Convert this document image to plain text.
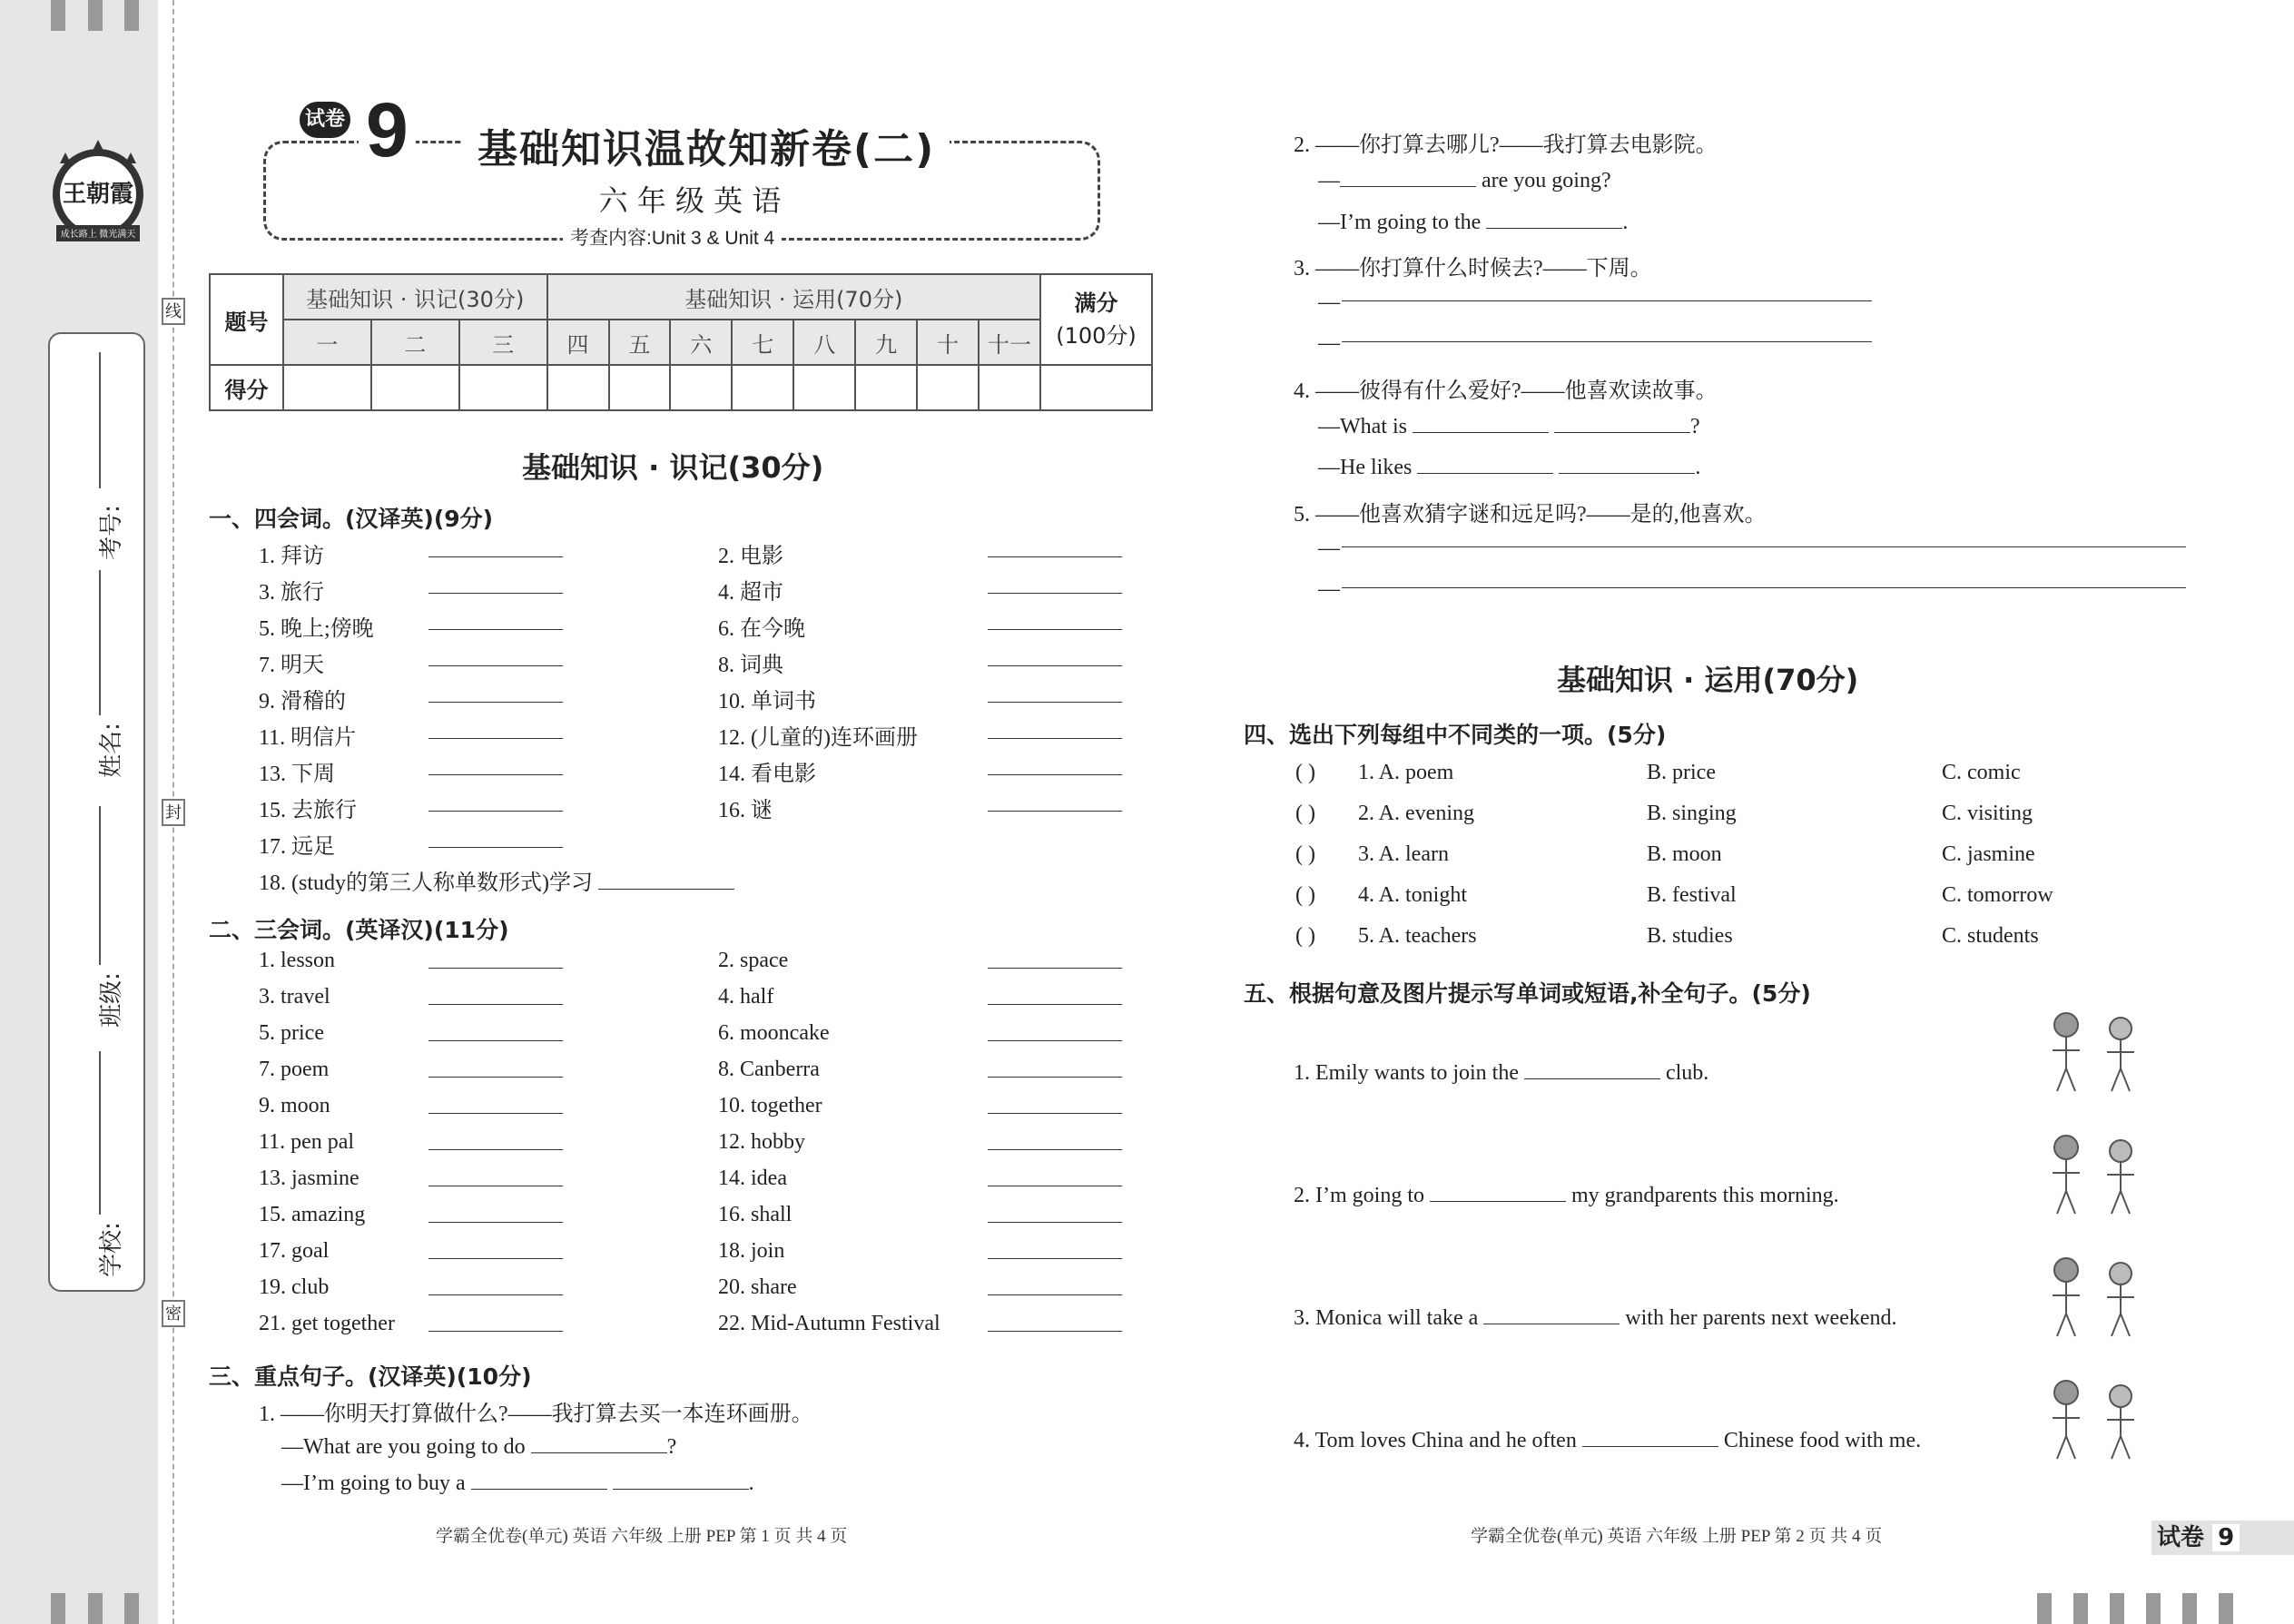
王朝霞
成长路上 微光满天
考号:
姓名:
班级:
学校:
线
封
密
试卷 9	基础知识温故知新卷(二)
六 年 级 英 语
考查内容:Unit 3 & Unit 4
题号	基础知识 · 识记(30分)			基础知识 · 运用(70分)								满分
(100分)
	一	二	三	四	五	六	七	八	九	十	十一	
得分												
基础知识 · 识记(30分)
一、四会词。(汉译英)(9分)
18. (study的第三人称单数形式)学习
二、三会词。(英译汉)(11分)
三、重点句子。(汉译英)(10分)
1. ——你明天打算做什么?——我打算去买一本连环画册。
—What are you going to do	?
—I’m going to buy a	.
学霸全优卷(单元) 英语 六年级 上册 PEP 第 1 页 共 4 页
2. ——你打算去哪儿?——我打算去电影院。
—	are you going?
—I’m going to the	.
3. ——你打算什么时候去?——下周。
—
—
4. ——彼得有什么爱好?——他喜欢读故事。
—What is	?
—He likes	.
5. ——他喜欢猜字谜和远足吗?——是的,他喜欢。
—
—
基础知识 · 运用(70分)
四、选出下列每组中不同类的一项。(5分)
五、根据句意及图片提示写单词或短语,补全句子。(5分)
学霸全优卷(单元) 英语 六年级 上册 PEP 第 2 页 共 4 页	试卷 9
1. 拜访	2. 电影
3. 旅行	4. 超市
5. 晚上;傍晚	6. 在今晚
7. 明天	8. 词典
9. 滑稽的	10. 单词书
11. 明信片	12. (儿童的)连环画册
13. 下周	14. 看电影
15. 去旅行	16. 谜
17. 远足
1. lesson	2. space
3. travel	4. half
5. price	6. mooncake
7. poem	8. Canberra
9. moon	10. together
11. pen pal	12. hobby
13. jasmine	14. idea
15. amazing	16. shall
17. goal	18. join
19. club	20. share
21. get together	22. Mid-Autumn Festival
( ) 1. A. poem	B. price	C. comic
( ) 2. A. evening	B. singing	C. visiting
( ) 3. A. learn	B. moon	C. jasmine
( ) 4. A. tonight	B. festival	C. tomorrow
( ) 5. A. teachers	B. studies	C. students
1. Emily wants to join the	club.
2. I’m going to	my grandparents this morning.
3. Monica will take a	with her parents next weekend.
4. Tom loves China and he often	Chinese food with me.
